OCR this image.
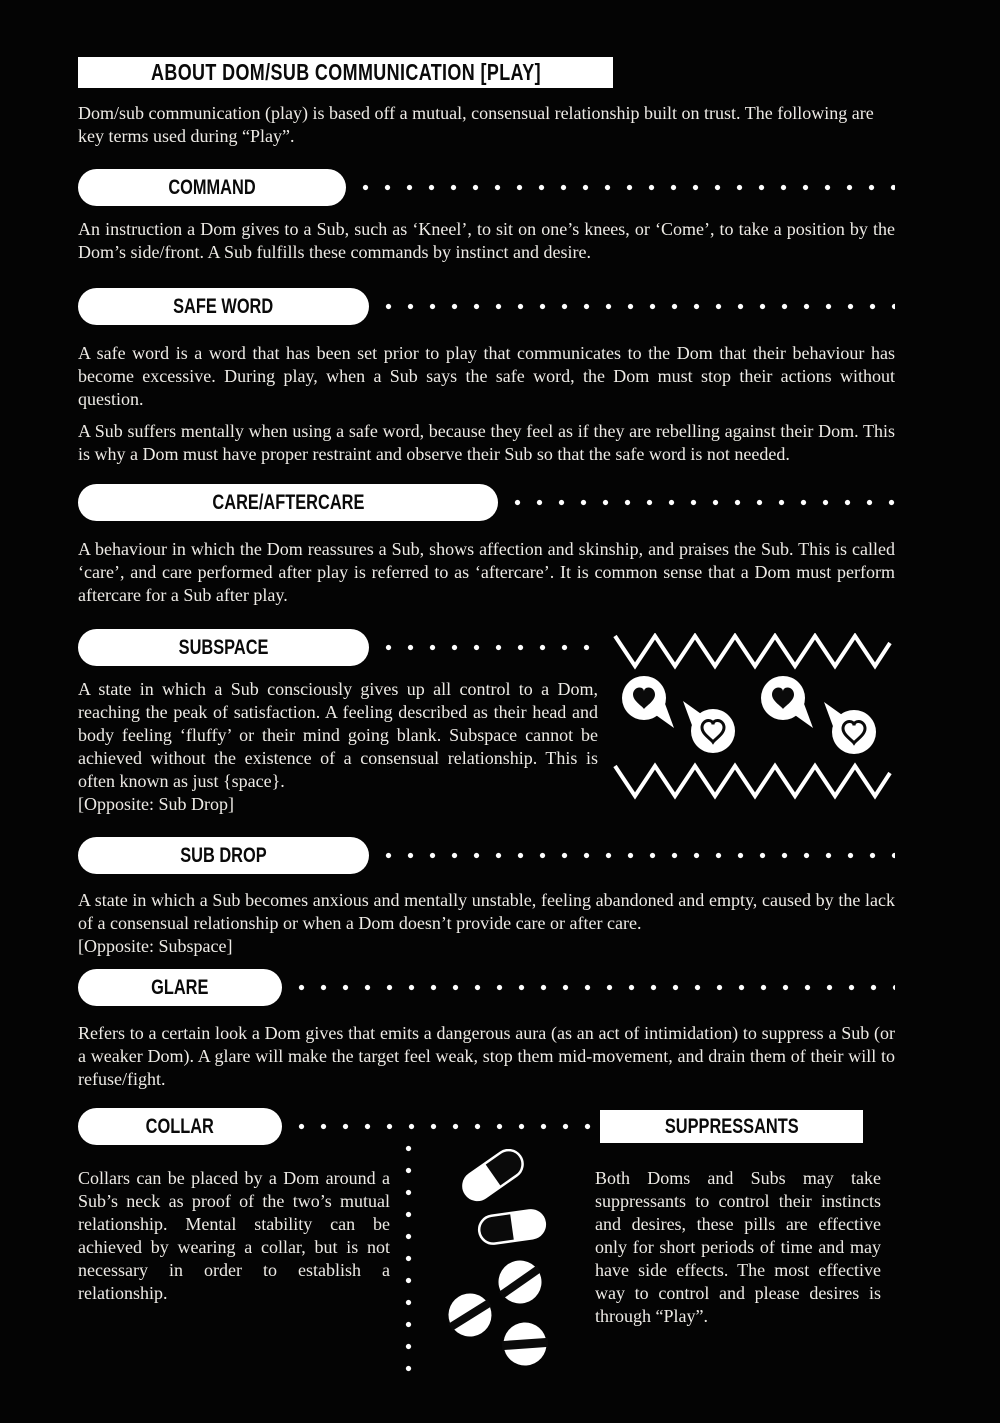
ABOUT DOM/SUB COMMUNICATION [PLAY]

Dom/sub communication (play) is based off a mutual, consensual relationship built on trust. The following are key terms used during “Play”.

COMMAND

An instruction a Dom gives to a Sub, such as ‘Kneel’, to sit on one’s knees, or ‘Come’, to take a position by the Dom’s side/front. A Sub fulfills these commands by instinct and desire.

SAFE WORD

A safe word is a word that has been set prior to play that communicates to the Dom that their behaviour has become excessive. During play, when a Sub says the safe word, the Dom must stop their actions without question.

A Sub suffers mentally when using a safe word, because they feel as if they are rebelling against their Dom. This is why a Dom must have proper restraint and observe their Sub so that the safe word is not needed.

CARE/AFTERCARE

A behaviour in which the Dom reassures a Sub, shows affection and skinship, and praises the Sub. This is called ‘care’, and care performed after play is referred to as ‘aftercare’. It is common sense that a Dom must perform aftercare for a Sub after play.

SUBSPACE

A state in which a Sub consciously gives up all control to a Dom, reaching the peak of satisfaction. A feeling described as their head and body feeling ‘fluffy’ or their mind going blank. Subspace cannot be achieved without the existence of a consensual relationship. This is often known as just {space}.

[Opposite: Sub Drop]

SUB DROP

A state in which a Sub becomes anxious and mentally unstable, feeling abandoned and empty, caused by the lack of a consensual relationship or when a Dom doesn’t provide care or after care.

[Opposite: Subspace]

GLARE

Refers to a certain look a Dom gives that emits a dangerous aura (as an act of intimidation) to suppress a Sub (or a weaker Dom). A glare will make the target feel weak, stop them mid-movement, and drain them of their will to refuse/fight.

COLLAR	SUPPRESSANTS

Collars can be placed by a Dom around a Sub’s neck as proof of the two’s mutual relationship. Mental stability can be achieved by wearing a collar, but is not necessary in order to establish a relationship.

Both Doms and Subs may take suppressants to control their instincts and desires, these pills are effective only for short periods of time and may have side effects. The most effective way to control and please desires is through “Play”.
